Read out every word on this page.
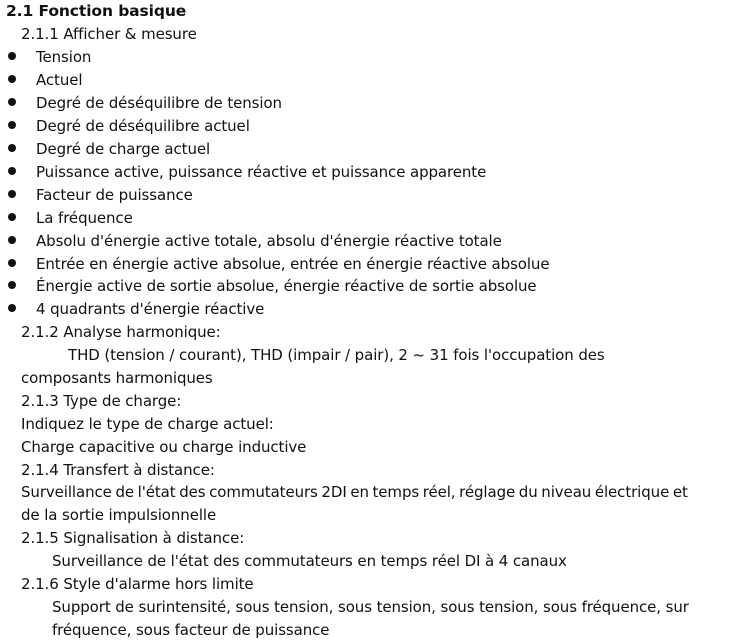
2.1 Fonction basique
2.1.1 Afficher & mesure
Tension
Actuel
Degré de déséquilibre de tension
Degré de déséquilibre actuel
Degré de charge actuel
Puissance active, puissance réactive et puissance apparente
Facteur de puissance
La fréquence
Absolu d'énergie active totale, absolu d'énergie réactive totale
Entrée en énergie active absolue, entrée en énergie réactive absolue
Énergie active de sortie absolue, énergie réactive de sortie absolue
4 quadrants d'énergie réactive
2.1.2 Analyse harmonique:
THD (tension / courant), THD (impair / pair), 2 ~ 31 fois l'occupation des
composants harmoniques
2.1.3 Type de charge:
Indiquez le type de charge actuel:
Charge capacitive ou charge inductive
2.1.4 Transfert à distance:
Surveillance de l'état des commutateurs 2DI en temps réel, réglage du niveau électrique et
de la sortie impulsionnelle
2.1.5 Signalisation à distance:
Surveillance de l'état des commutateurs en temps réel DI à 4 canaux
2.1.6 Style d'alarme hors limite
Support de surintensité, sous tension, sous tension, sous tension, sous fréquence, sur
fréquence, sous facteur de puissance
